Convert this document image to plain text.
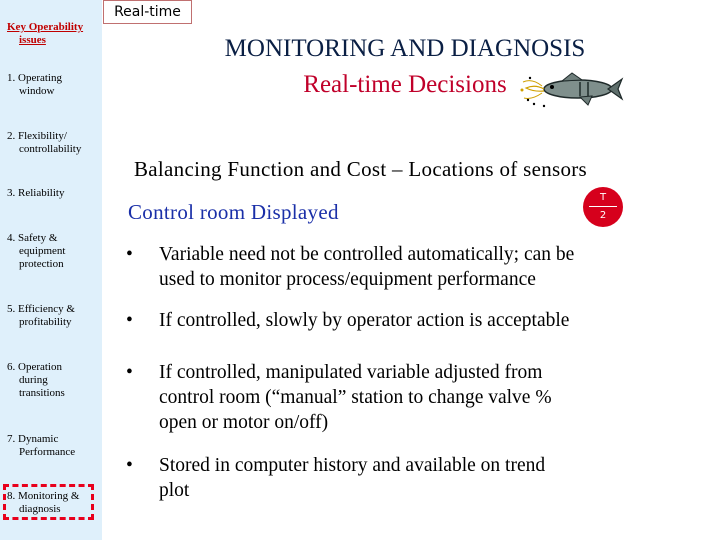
Key Operability
issues
1. Operating
window
2. Flexibility/
controllability
3. Reliability
4. Safety &
equipment
protection
5. Efficiency &
profitability
6. Operation
during
transitions
7. Dynamic
Performance
8. Monitoring &
diagnosis
Real-time
MONITORING AND DIAGNOSIS
Real-time Decisions
Balancing Function and Cost – Locations of sensors
Control room Displayed
T
2
• Variable need not be controlled automatically; can be
used to monitor process/equipment performance
• If controlled, slowly by operator action is acceptable
• If controlled, manipulated variable adjusted from
control room (“manual” station to change valve %
open or motor on/off)
• Stored in computer history and available on trend
plot
